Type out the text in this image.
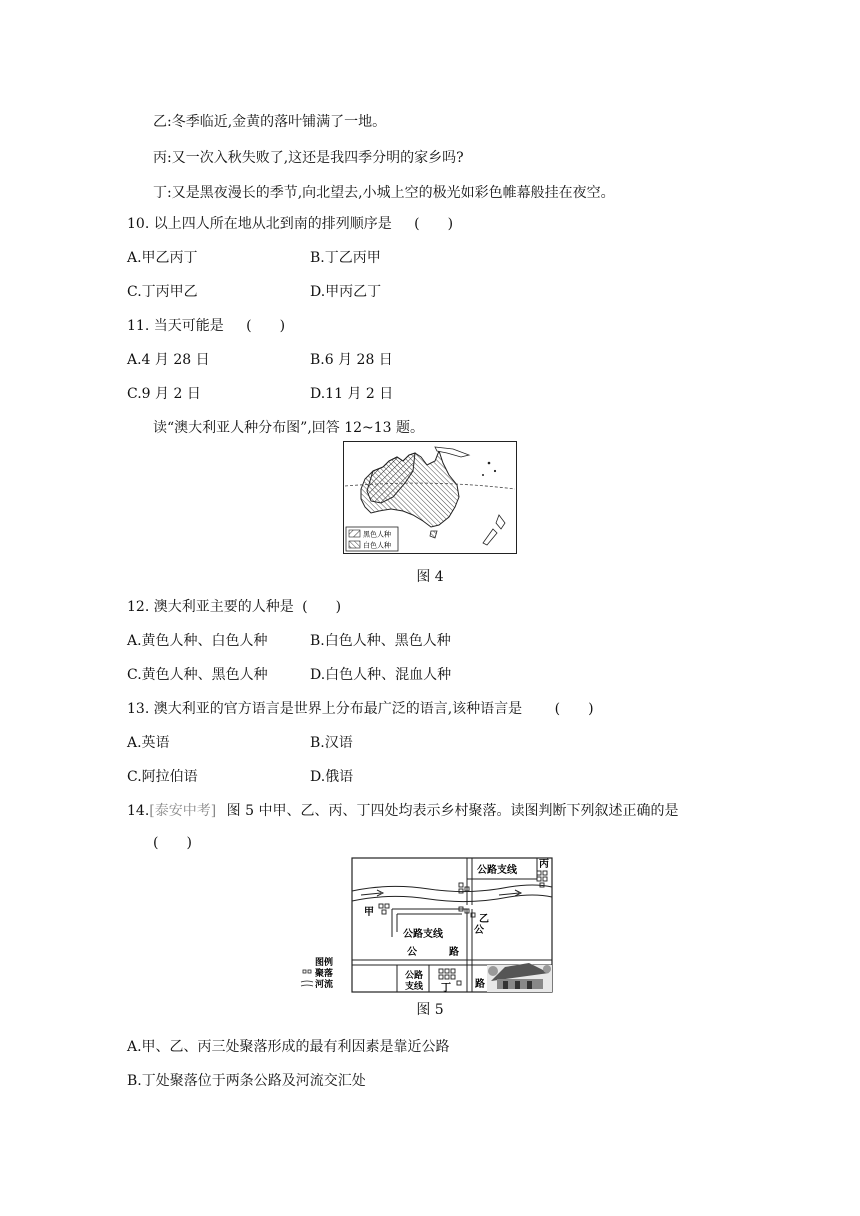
乙:冬季临近,金黄的落叶铺满了一地。
丙:又一次入秋失败了,这还是我四季分明的家乡吗?
丁:又是黑夜漫长的季节,向北望去,小城上空的极光如彩色帷幕般挂在夜空。
10. 以上四人所在地从北到南的排列顺序是 (　　)
A.甲乙丙丁	B.丁乙丙甲
C.丁丙甲乙	D.甲丙乙丁
11. 当天可能是 (　　)
A.4 月 28 日	B.6 月 28 日
C.9 月 2 日	D.11 月 2 日
读“澳大利亚人种分布图”,回答 12~13 题。
黑色人种
白色人种
图 4
12. 澳大利亚主要的人种是 (　　)
A.黄色人种、白色人种	B.白色人种、黑色人种
C.黄色人种、黑色人种	D.白色人种、混血人种
13. 澳大利亚的官方语言是世界上分布最广泛的语言,该种语言是 (　　)
A.英语	B.汉语
C.阿拉伯语	D.俄语
14.[泰安中考] 图 5 中甲、乙、丙、丁四处均表示乡村聚落。读图判断下列叙述正确的是
(　　)
公路支线
公路支线
公	路
公
公路
支线	路
甲
乙
丙
丁
图例
聚落
河流
图 5
A.甲、乙、丙三处聚落形成的最有利因素是靠近公路
B.丁处聚落位于两条公路及河流交汇处
